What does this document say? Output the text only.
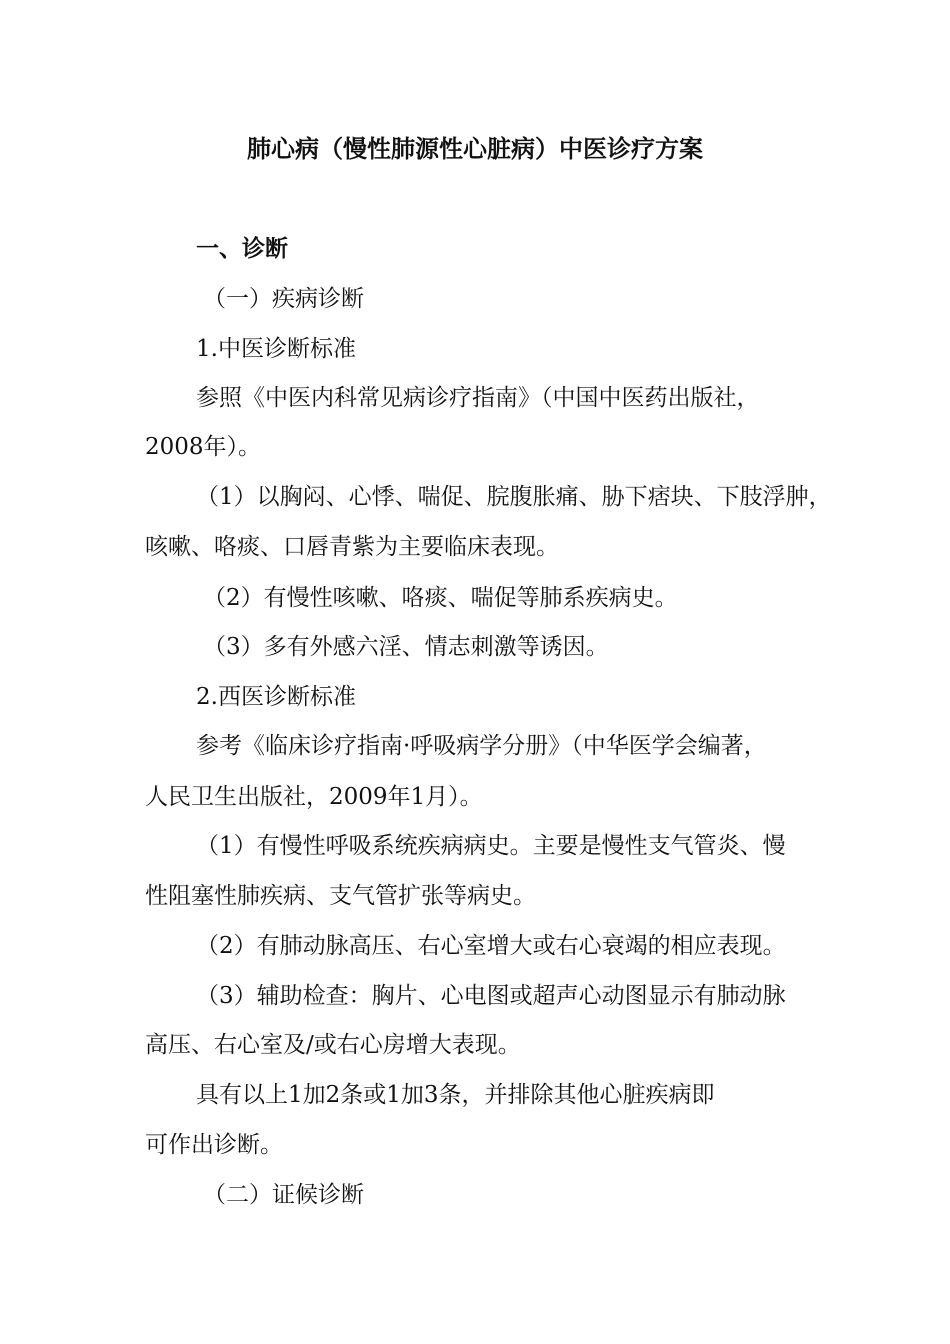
肺心病（慢性肺源性心脏病）中医诊疗方案
一、诊断
（一）疾病诊断
1.中医诊断标准
参照《中医内科常见病诊疗指南》（中国中医药出版社，
2008年）。
（1）以胸闷、心悸、喘促、脘腹胀痛、胁下痞块、下肢浮肿，
咳嗽、咯痰、口唇青紫为主要临床表现。
（2）有慢性咳嗽、咯痰、喘促等肺系疾病史。
（3）多有外感六淫、情志刺激等诱因。
2.西医诊断标准
参考《临床诊疗指南·呼吸病学分册》（中华医学会编著，
人民卫生出版社，2009年1月）。
（1）有慢性呼吸系统疾病病史。主要是慢性支气管炎、慢
性阻塞性肺疾病、支气管扩张等病史。
（2）有肺动脉高压、右心室增大或右心衰竭的相应表现。
（3）辅助检查：胸片、心电图或超声心动图显示有肺动脉
高压、右心室及/或右心房增大表现。
具有以上1加2条或1加3条，并排除其他心脏疾病即
可作出诊断。
（二）证候诊断
